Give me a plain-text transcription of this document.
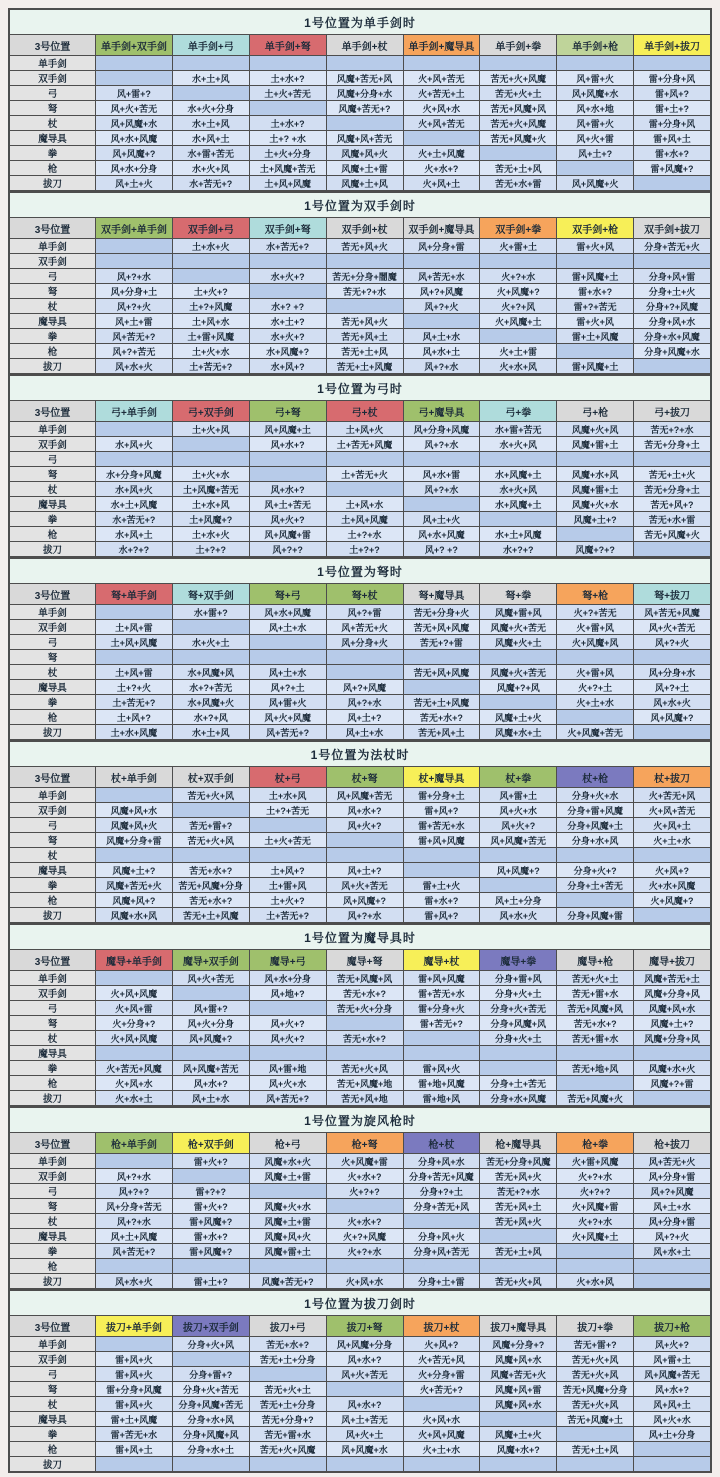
1号位置为单手剑时								
3号位置	单手剑+双手剑	单手剑+弓	单手剑+弩	单手剑+杖	单手剑+魔导具	单手剑+拳	单手剑+枪	单手剑+拔刀
单手剑								
双手剑		水+土+风	土+水+?	风魔+苦无+风	火+风+苦无	苦无+火+风魔	风+雷+火	雷+分身+风
弓	风+雷+?		土+火+苦无	风魔+分身+水	火+苦无+土	苦无+火+土	风+风魔+水	雷+风+?
弩	风+火+苦无	水+火+分身		风魔+苦无+?	火+风+水	苦无+风魔+风	风+水+地	雷+土+?
杖	风+风魔+水	水+土+风	土+水+?		火+风+苦无	苦无+火+风魔	风+雷+火	雷+分身+风
魔导具	风+水+风魔	水+风+土	土+? +水	风魔+风+苦无		苦无+风魔+火	风+火+雷	雷+风+土
拳	风+风魔+?	水+雷+苦无	土+火+分身	风魔+风+火	火+土+风魔		风+土+?	雷+水+?
枪	风+水+分身	水+火+风	土+风魔+苦无	风魔+土+雷	火+水+?	苦无+土+风		雷+风魔+?
拔刀	风+土+火	水+苦无+?	土+风+风魔	风魔+土+风	火+风+土	苦无+水+雷	风+风魔+火	
1号位置为双手剑时								
3号位置	双手剑+单手剑	双手剑+弓	双手剑+弩	双手剑+杖	双手剑+魔导具	双手剑+拳	双手剑+枪	双手剑+拔刀
单手剑		土+水+火	水+苦无+?	苦无+风+火	风+分身+雷	火+雷+土	雷+火+风	分身+苦无+火
双手剑								
弓	风+?+水		水+火+?	苦无+分身+闇魔	风+苦无+水	火+?+水	雷+风魔+土	分身+风+雷
弩	风+分身+土	土+火+?		苦无+?+水	风+?+风魔	火+风魔+?	雷+水+?	分身+土+火
杖	风+?+火	土+?+风魔	水+? +?		风+?+火	火+?+风	雷+?+苦无	分身+?+风魔
魔导具	风+土+雷	土+风+水	水+土+?	苦无+风+火		火+风魔+土	雷+火+风	分身+风+水
拳	风+苦无+?	土+雷+风魔	水+火+?	苦无+风+土	风+土+水		雷+土+风魔	分身+水+风魔
枪	风+?+苦无	土+火+水	水+风魔+?	苦无+土+风	风+水+土	火+土+雷		分身+风魔+水
拔刀	风+水+火	土+苦无+?	水+风+?	苦无+土+风魔	风+?+水	火+水+风	雷+风魔+土	
1号位置为弓时								
3号位置	弓+单手剑	弓+双手剑	弓+弩	弓+杖	弓+魔导具	弓+拳	弓+枪	弓+拔刀
单手剑		土+火+风	风+风魔+土	土+风+火	风+分身+风魔	水+雷+苦无	风魔+火+风	苦无+?+水
双手剑	水+风+火		风+水+?	土+苦无+风魔	风+?+水	水+火+风	风魔+雷+土	苦无+分身+土
弓								
弩	水+分身+风魔	土+火+水		土+苦无+火	风+水+雷	水+风魔+土	风魔+水+风	苦无+土+火
杖	水+风+火	土+风魔+苦无	风+水+?		风+?+水	水+火+风	风魔+雷+土	苦无+分身+土
魔导具	水+土+风魔	土+水+风	风+土+苦无	土+风+水		水+风魔+土	风魔+火+水	苦无+风+?
拳	水+苦无+?	土+风魔+?	风+火+?	土+风+风魔	风+土+火		风魔+土+?	苦无+水+雷
枪	水+风+土	土+水+火	风+风魔+雷	土+?+水	风+水+风魔	水+土+风魔		苦无+风魔+火
拔刀	水+?+?	土+?+?	风+?+?	土+?+?	风+? +?	水+?+?	风魔+?+?	
1号位置为弩时								
3号位置	弩+单手剑	弩+双手剑	弩+弓	弩+杖	弩+魔导具	弩+拳	弩+枪	弩+拔刀
单手剑		水+雷+?	风+水+风魔	风+?+雷	苦无+分身+火	风魔+雷+风	火+?+苦无	风+苦无+风魔
双手剑	土+风+雷		风+土+水	风+苦无+火	苦无+风+风魔	风魔+火+苦无	火+雷+风	风+火+苦无
弓	土+风+风魔	水+火+土		风+分身+火	苦无+?+雷	风魔+火+土	火+风魔+风	风+?+火
弩								
杖	土+风+雷	水+风魔+风	风+土+水		苦无+风+风魔	风魔+火+苦无	火+雷+风	风+分身+水
魔导具	土+?+火	水+?+苦无	风+?+土	风+?+风魔		风魔+?+风	火+?+土	风+?+土
拳	土+苦无+?	水+风魔+火	风+雷+火	风+?+水	苦无+土+风魔		火+土+水	风+水+火
枪	土+风+?	水+?+风	风+火+风魔	风+土+?	苦无+水+?	风魔+土+火		风+风魔+?
拔刀	土+水+风魔	水+土+风	风+苦无+?	风+土+水	苦无+风+土	风魔+水+土	火+风魔+苦无	
1号位置为法杖时								
3号位置	杖+单手剑	杖+双手剑	杖+弓	杖+弩	杖+魔导具	杖+拳	杖+枪	杖+拔刀
单手剑		苦无+火+风	土+水+风	风+风魔+苦无	雷+分身+土	风+雷+土	分身+火+水	火+苦无+风
双手剑	风魔+风+水		土+?+苦无	风+水+?	雷+风+?	风+火+水	分身+雷+风魔	火+风+苦无
弓	风魔+风+火	苦无+雷+?		风+火+?	雷+苦无+水	风+火+?	分身+风魔+土	火+风+土
弩	风魔+分身+雷	苦无+火+风	土+火+苦无		雷+风+风魔	风+风魔+苦无	分身+水+风	火+土+水
杖								
魔导具	风魔+土+?	苦无+水+?	土+风+?	风+土+?		风+风魔+?	分身+火+?	火+风+?
拳	风魔+苦无+火	苦无+风魔+分身	土+雷+风	风+火+苦无	雷+土+火		分身+土+苦无	火+水+风魔
枪	风魔+风+?	苦无+水+?	土+火+?	风+风魔+?	雷+水+?	风+土+分身		火+风魔+?
拔刀	风魔+水+风	苦无+土+风魔	土+苦无+?	风+?+水	雷+风+?	风+水+火	分身+风魔+雷	
1号位置为魔导具时								
3号位置	魔导+单手剑	魔导+双手剑	魔导+弓	魔导+弩	魔导+杖	魔导+拳	魔导+枪	魔导+拔刀
单手剑		风+火+苦无	风+水+分身	苦无+风魔+风	雷+风+风魔	分身+雷+风	苦无+火+土	风魔+苦无+土
双手剑	火+风+风魔		风+地+?	苦无+水+?	雷+苦无+水	分身+火+土	苦无+雷+水	风魔+分身+风
弓	火+风+雷	风+雷+?		苦无+火+分身	雷+分身+火	分身+火+苦无	苦无+风魔+风	风魔+风+水
弩	火+分身+?	风+火+分身	风+火+?		雷+苦无+?	分身+风魔+风	苦无+水+?	风魔+土+?
杖	火+风+风魔	风+风魔+?	风+火+?	苦无+水+?		分身+火+土	苦无+雷+水	风魔+分身+风
魔导具								
拳	火+苦无+风魔	风+风魔+苦无	风+雷+地	苦无+火+风	雷+风+火		苦无+地+风	风魔+水+火
枪	火+风+水	风+水+?	风+火+水	苦无+风魔+地	雷+地+风魔	分身+土+苦无		风魔+?+雷
拔刀	火+水+土	风+土+水	风+苦无+?	苦无+风+地	雷+地+风	分身+水+风魔	苦无+风魔+火	
1号位置为旋风枪时								
3号位置	枪+单手剑	枪+双手剑	枪+弓	枪+弩	枪+杖	枪+魔导具	枪+拳	枪+拔刀
单手剑		雷+火+?	风魔+水+火	火+风魔+雷	分身+风+水	苦无+分身+风魔	火+雷+风魔	风+苦无+火
双手剑	风+?+水		风魔+土+雷	火+水+?	分身+苦无+风魔	苦无+风+火	火+?+水	风+分身+雷
弓	风+?+?	雷+?+?		火+?+?	分身+?+土	苦无+?+水	火+?+?	风+?+风魔
弩	风+分身+苦无	雷+火+?	风魔+火+水		分身+苦无+风	苦无+风+土	火+风魔+雷	风+土+水
杖	风+?+水	雷+风魔+?	风魔+土+雷	火+水+?		苦无+风+火	火+?+水	风+分身+雷
魔导具	风+土+风魔	雷+水+?	风魔+风+火	火+?+风魔	分身+风+火		火+风魔+土	风+?+火
拳	风+苦无+?	雷+风魔+?	风魔+雷+土	火+?+水	分身+风+苦无	苦无+土+风		风+水+土
枪								
拔刀	风+水+火	雷+土+?	风魔+苦无+?	火+风+水	分身+土+雷	苦无+火+风	火+水+风	
1号位置为拔刀剑时								
3号位置	拔刀+单手剑	拔刀+双手剑	拔刀+弓	拔刀+弩	拔刀+杖	拔刀+魔导具	拔刀+拳	拔刀+枪
单手剑		分身+火+风	苦无+水+?	风+风魔+分身	火+风+?	风魔+分身+?	苦无+雷+?	风+火+?
双手剑	雷+风+火		苦无+土+分身	风+水+?	火+苦无+风	风魔+风+水	苦无+火+风	风+雷+土
弓	雷+风+火	分身+雷+?		风+火+苦无	火+分身+雷	风魔+苦无+火	苦无+火+风	风+风魔+苦无
弩	雷+分身+风魔	分身+火+苦无	苦无+火+土		火+苦无+?	风魔+风+雷	苦无+风魔+分身	风+水+?
杖	雷+风+火	分身+风魔+苦无	苦无+土+分身	风+水+?		风魔+风+水	苦无+火+风	风+风+土
魔导具	雷+土+风魔	分身+水+风	苦无+分身+?	风+土+苦无	火+风+水		苦无+风魔+土	风+火+水
拳	雷+苦无+水	分身+风魔+风	苦无+雷+水	风+火+土	火+风+风魔	风魔+土+火		风+土+分身
枪	雷+风+土	分身+水+土	苦无+火+风魔	风+风魔+水	火+土+水	风魔+水+?	苦无+土+风	
拔刀								
